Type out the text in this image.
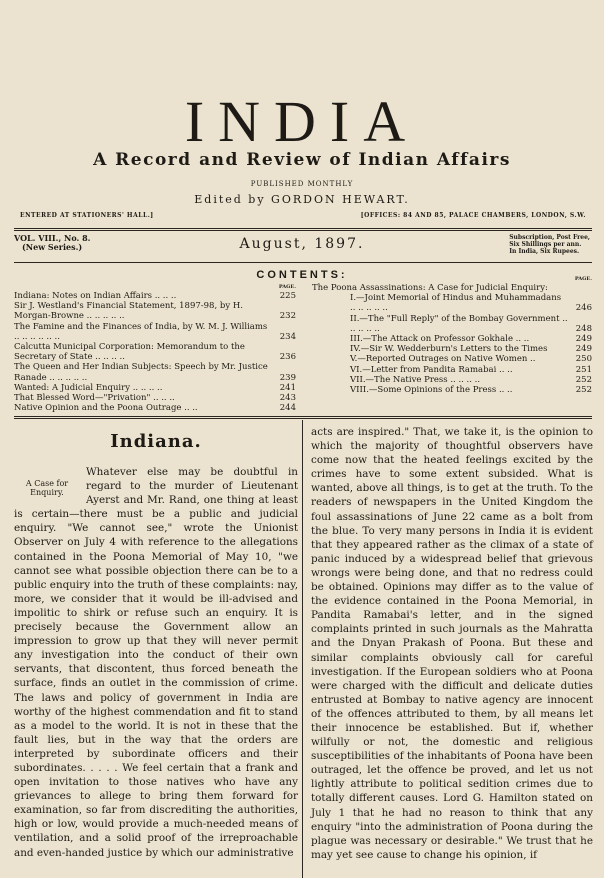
INDIA
A Record and Review of Indian Affairs
PUBLISHED MONTHLY
Edited by GORDON HEWART.
ENTERED AT STATIONERS' HALL.]	[OFFICES: 84 AND 85, PALACE CHAMBERS, LONDON, S.W.
VOL. VIII., No. 8.
(New Series.)	August, 1897.	Subscription, Post Free,
Six Shillings per ann.
In India, Six Rupees.
CONTENTS:
PAGE.
Indiana: Notes on Indian Affairs .. .. ..	225
Sir J. Westland's Financial Statement, 1897-98, by H. Morgan-Browne .. .. .. .. ..	232
The Famine and the Finances of India, by W. M. J. Williams .. .. .. .. .. ..	234
Calcutta Municipal Corporation: Memorandum to the Secretary of State .. .. .. ..	236
The Queen and Her Indian Subjects: Speech by Mr. Justice Ranade .. .. .. .. ..	239
Wanted: A Judicial Enquiry .. .. .. ..	241
That Blessed Word—"Privation" .. .. ..	243
Native Opinion and the Poona Outrage .. ..	244
The Poona Assassinations: A Case for Judicial Enquiry:
PAGE.
I.—Joint Memorial of Hindus and Muhammadans .. .. .. .. ..	246
II.—The "Full Reply" of the Bombay Government .. .. .. .. ..	248
III.—The Attack on Professor Gokhale .. ..	249
IV.—Sir W. Wedderburn's Letters to the Times	249
V.—Reported Outrages on Native Women ..	250
VI.—Letter from Pandita Ramabai .. ..	251
VII.—The Native Press .. .. .. ..	252
VIII.—Some Opinions of the Press .. ..	252
Indiana.
A Case for Enquiry.

Whatever else may be doubtful in regard to the murder of Lieutenant Ayerst and Mr. Rand, one thing at least is certain—there must be a public and judicial enquiry. "We cannot see," wrote the Unionist Observer on July 4 with reference to the allegations contained in the Poona Memorial of May 10, "we cannot see what possible objection there can be to a public enquiry into the truth of these complaints: nay, more, we consider that it would be ill-advised and impolitic to shirk or refuse such an enquiry. It is precisely because the Government allow an impression to grow up that they will never permit any investigation into the conduct of their own servants, that discontent, thus forced beneath the surface, finds an outlet in the commission of crime. The laws and policy of government in India are worthy of the highest commendation and fit to stand as a model to the world. It is not in these that the fault lies, but in the way that the orders are interpreted by subordinate officers and their subordinates. . . . . We feel certain that a frank and open invitation to those natives who have any grievances to allege to bring them forward for examination, so far from discrediting the authorities, high or low, would provide a much-needed means of ventilation, and a solid proof of the irreproachable and even-handed justice by which our administrative

acts are inspired." That, we take it, is the opinion to which the majority of thoughtful observers have come now that the heated feelings excited by the crimes have to some extent subsided. What is wanted, above all things, is to get at the truth. To the readers of newspapers in the United Kingdom the foul assassinations of June 22 came as a bolt from the blue. To very many persons in India it is evident that they appeared rather as the climax of a state of panic induced by a widespread belief that grievous wrongs were being done, and that no redress could be obtained. Opinions may differ as to the value of the evidence contained in the Poona Memorial, in Pandita Ramabai's letter, and in the signed complaints printed in such journals as the Mahratta and the Dnyan Prakash of Poona. But these and similar complaints obviously call for careful investigation. If the European soldiers who at Poona were charged with the difficult and delicate duties entrusted at Bombay to native agency are innocent of the offences attributed to them, by all means let their innocence be established. But if, whether wilfully or not, the domestic and religious susceptibilities of the inhabitants of Poona have been outraged, let the offence be proved, and let us not lightly attribute to political sedition crimes due to totally different causes. Lord G. Hamilton stated on July 1 that he had no reason to think that any enquiry "into the administration of Poona during the plague was necessary or desirable." We trust that he may yet see cause to change his opinion, if
